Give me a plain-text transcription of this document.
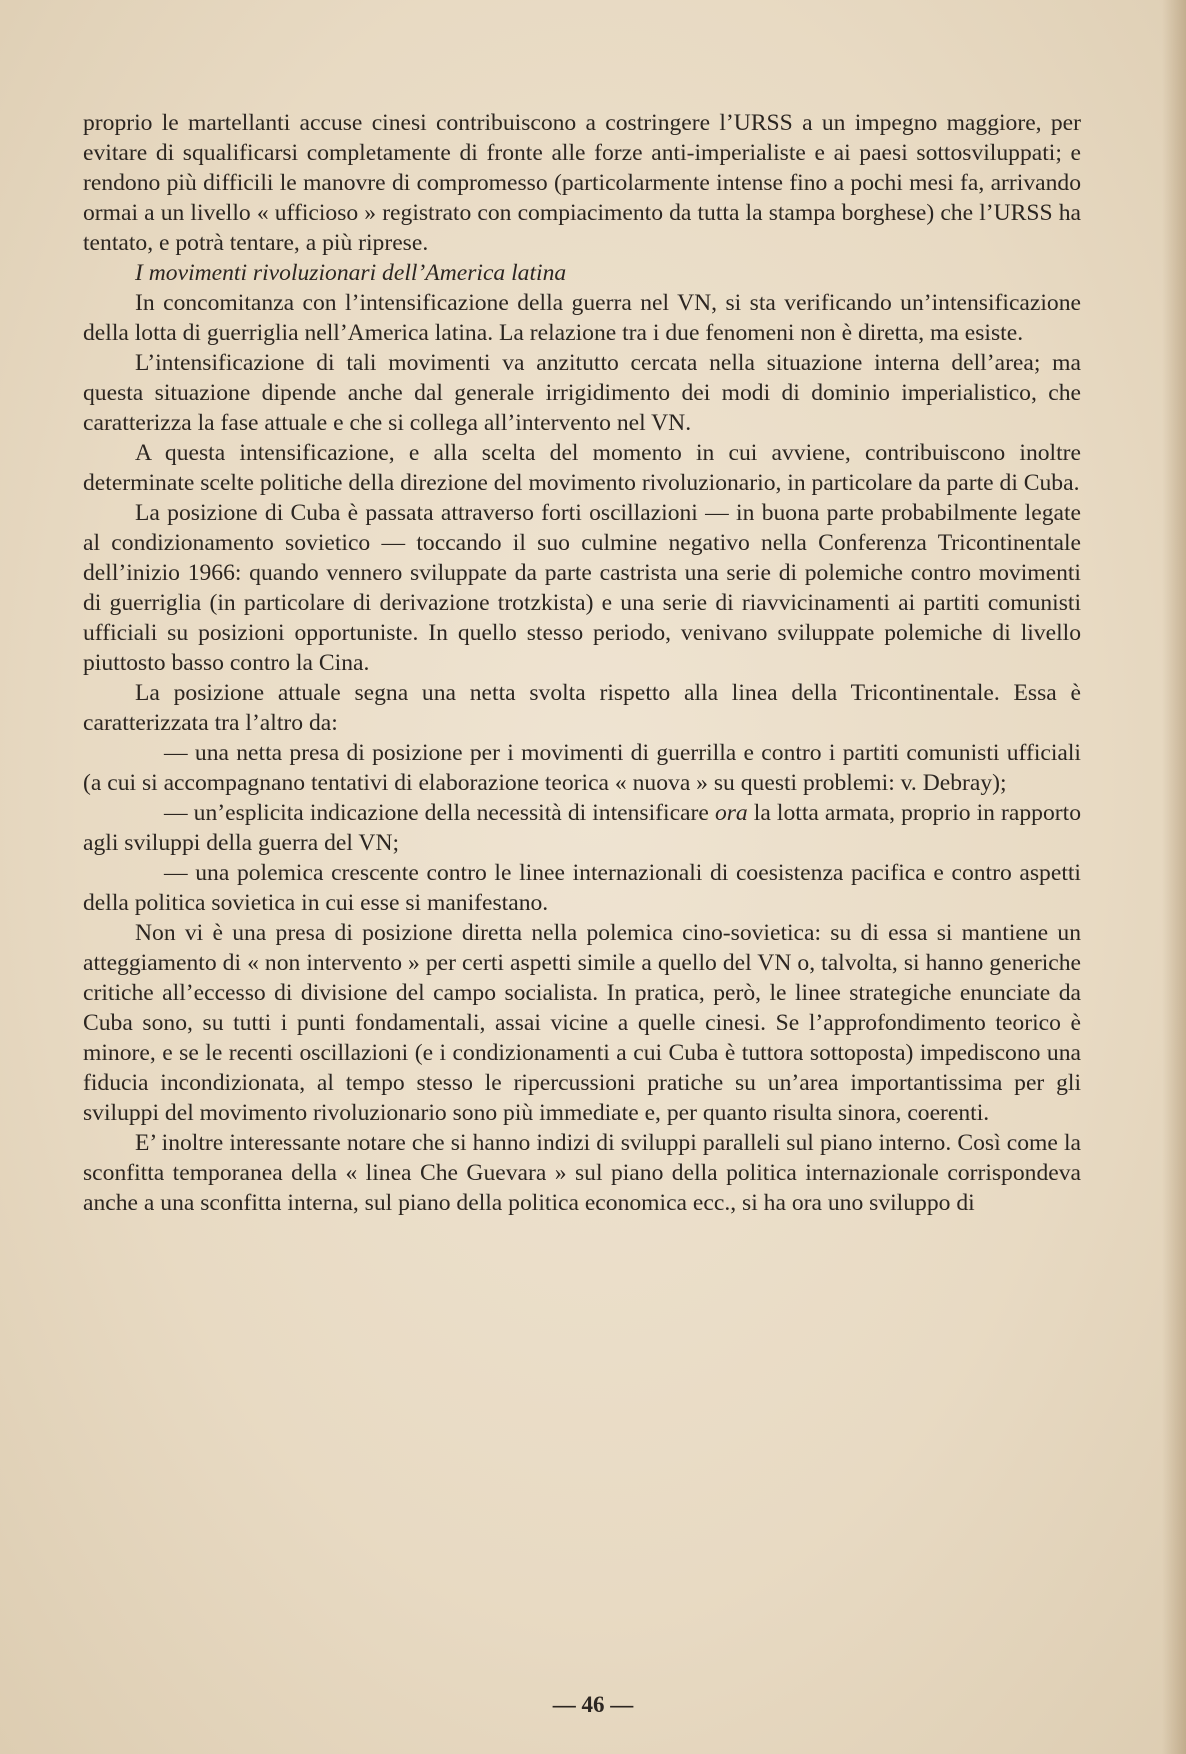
proprio le martellanti accuse cinesi contribuiscono a costringere l’URSS a un impegno maggiore, per evitare di squalificarsi completamente di fronte alle forze anti-imperialiste e ai paesi sottosviluppati; e rendono più difficili le manovre di compromesso (particolarmente intense fino a pochi mesi fa, arrivando ormai a un livello « ufficioso » registrato con compiacimento da tutta la stampa borghese) che l’URSS ha tentato, e potrà tentare, a più riprese.

I movimenti rivoluzionari dell’America latina

In concomitanza con l’intensificazione della guerra nel VN, si sta verificando un’intensificazione della lotta di guerriglia nell’America latina. La relazione tra i due fenomeni non è diretta, ma esiste.

L’intensificazione di tali movimenti va anzitutto cercata nella situazione interna dell’area; ma questa situazione dipende anche dal generale irrigidimento dei modi di dominio imperialistico, che caratterizza la fase attuale e che si collega all’intervento nel VN.

A questa intensificazione, e alla scelta del momento in cui avviene, contribuiscono inoltre determinate scelte politiche della direzione del movimento rivoluzionario, in particolare da parte di Cuba.

La posizione di Cuba è passata attraverso forti oscillazioni — in buona parte probabilmente legate al condizionamento sovietico — toccando il suo culmine negativo nella Conferenza Tricontinentale dell’inizio 1966: quando vennero sviluppate da parte castrista una serie di polemiche contro movimenti di guerriglia (in particolare di derivazione trotzkista) e una serie di riavvicinamenti ai partiti comunisti ufficiali su posizioni opportuniste. In quello stesso periodo, venivano sviluppate polemiche di livello piuttosto basso contro la Cina.

La posizione attuale segna una netta svolta rispetto alla linea della Tricontinentale. Essa è caratterizzata tra l’altro da:

— una netta presa di posizione per i movimenti di guerrilla e contro i partiti comunisti ufficiali (a cui si accompagnano tentativi di elaborazione teorica « nuova » su questi problemi: v. Debray);

— un’esplicita indicazione della necessità di intensificare ora la lotta armata, proprio in rapporto agli sviluppi della guerra del VN;

— una polemica crescente contro le linee internazionali di coesistenza pacifica e contro aspetti della politica sovietica in cui esse si manifestano.

Non vi è una presa di posizione diretta nella polemica cino-sovietica: su di essa si mantiene un atteggiamento di « non intervento » per certi aspetti simile a quello del VN o, talvolta, si hanno generiche critiche all’eccesso di divisione del campo socialista. In pratica, però, le linee strategiche enunciate da Cuba sono, su tutti i punti fondamentali, assai vicine a quelle cinesi. Se l’approfondimento teorico è minore, e se le recenti oscillazioni (e i condizionamenti a cui Cuba è tuttora sottoposta) impediscono una fiducia incondizionata, al tempo stesso le ripercussioni pratiche su un’area importantissima per gli sviluppi del movimento rivoluzionario sono più immediate e, per quanto risulta sinora, coerenti.

E’ inoltre interessante notare che si hanno indizi di sviluppi paralleli sul piano interno. Così come la sconfitta temporanea della « linea Che Guevara » sul piano della politica internazionale corrispondeva anche a una sconfitta interna, sul piano della politica economica ecc., si ha ora uno sviluppo di

— 46 —
